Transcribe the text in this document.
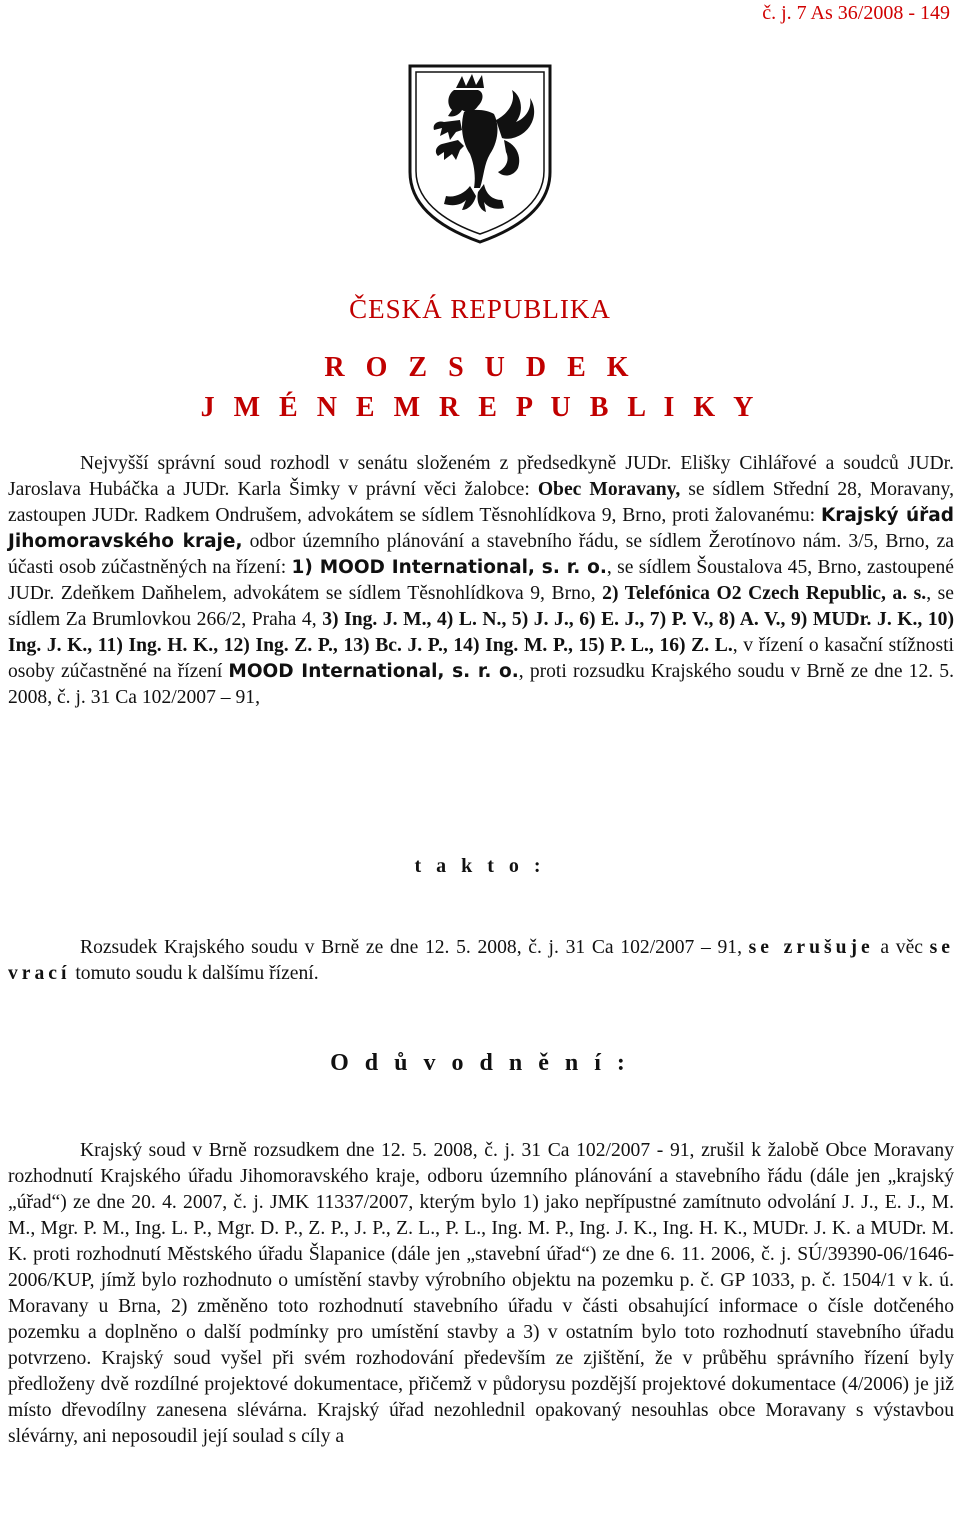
č. j. 7 As 36/2008 - 149
ČESKÁ REPUBLIKA
R O Z S U D E K
J M É N E M R E P U B L I K Y

Nejvyšší správní soud rozhodl v senátu složeném z předsedkyně JUDr. Elišky Cihlářové a soudců JUDr. Jaroslava Hubáčka a JUDr. Karla Šimky v právní věci žalobce: Obec Moravany, se sídlem Střední 28, Moravany, zastoupen JUDr. Radkem Ondrušem, advokátem se sídlem Těsnohlídkova 9, Brno, proti žalovanému: Krajský úřad Jihomoravského kraje, odbor územního plánování a stavebního řádu, se sídlem Žerotínovo nám. 3/5, Brno, za účasti osob zúčastněných na řízení: 1) MOOD International, s. r. o., se sídlem Šoustalova 45, Brno, zastoupené JUDr. Zdeňkem Daňhelem, advokátem se sídlem Těsnohlídkova 9, Brno, 2) Telefónica O2 Czech Republic, a. s., se sídlem Za Brumlovkou 266/2, Praha 4, 3) Ing. J. M., 4) L. N., 5) J. J., 6) E. J., 7) P. V., 8) A. V., 9) MUDr. J. K., 10) Ing. J. K., 11) Ing. H. K., 12) Ing. Z. P., 13) Bc. J. P., 14) Ing. M. P., 15) P. L., 16) Z. L., v řízení o kasační stížnosti osoby zúčastněné na řízení MOOD International, s. r. o., proti rozsudku Krajského soudu v Brně ze dne 12. 5. 2008, č. j. 31 Ca 102/2007 – 91,

t a k t o :

Rozsudek Krajského soudu v Brně ze dne 12. 5. 2008, č. j. 31 Ca 102/2007 – 91, se zrušuje a věc se vrací tomuto soudu k dalšímu řízení.

O d ů v o d n ě n í :

Krajský soud v Brně rozsudkem dne 12. 5. 2008, č. j. 31 Ca 102/2007 - 91, zrušil k žalobě Obce Moravany rozhodnutí Krajského úřadu Jihomoravského kraje, odboru územního plánování a stavebního řádu (dále jen „krajský „úřad“) ze dne 20. 4. 2007, č. j. JMK 11337/2007, kterým bylo 1) jako nepřípustné zamítnuto odvolání J. J., E. J., M. M., Mgr. P. M., Ing. L. P., Mgr. D. P., Z. P., J. P., Z. L., P. L., Ing. M. P., Ing. J. K., Ing. H. K., MUDr. J. K. a MUDr. M. K. proti rozhodnutí Městského úřadu Šlapanice (dále jen „stavební úřad“) ze dne 6. 11. 2006, č. j. SÚ/39390-06/1646-2006/KUP, jímž bylo rozhodnuto o umístění stavby výrobního objektu na pozemku p. č. GP 1033, p. č. 1504/1 v k. ú. Moravany u Brna, 2) změněno toto rozhodnutí stavebního úřadu v části obsahující informace o čísle dotčeného pozemku a doplněno o další podmínky pro umístění stavby a 3) v ostatním bylo toto rozhodnutí stavebního úřadu potvrzeno. Krajský soud vyšel při svém rozhodování především ze zjištění, že v průběhu správního řízení byly předloženy dvě rozdílné projektové dokumentace, přičemž v půdorysu pozdější projektové dokumentace (4/2006) je již místo dřevodílny zanesena slévárna. Krajský úřad nezohlednil opakovaný nesouhlas obce Moravany s výstavbou slévárny, ani neposoudil její soulad s cíly a
